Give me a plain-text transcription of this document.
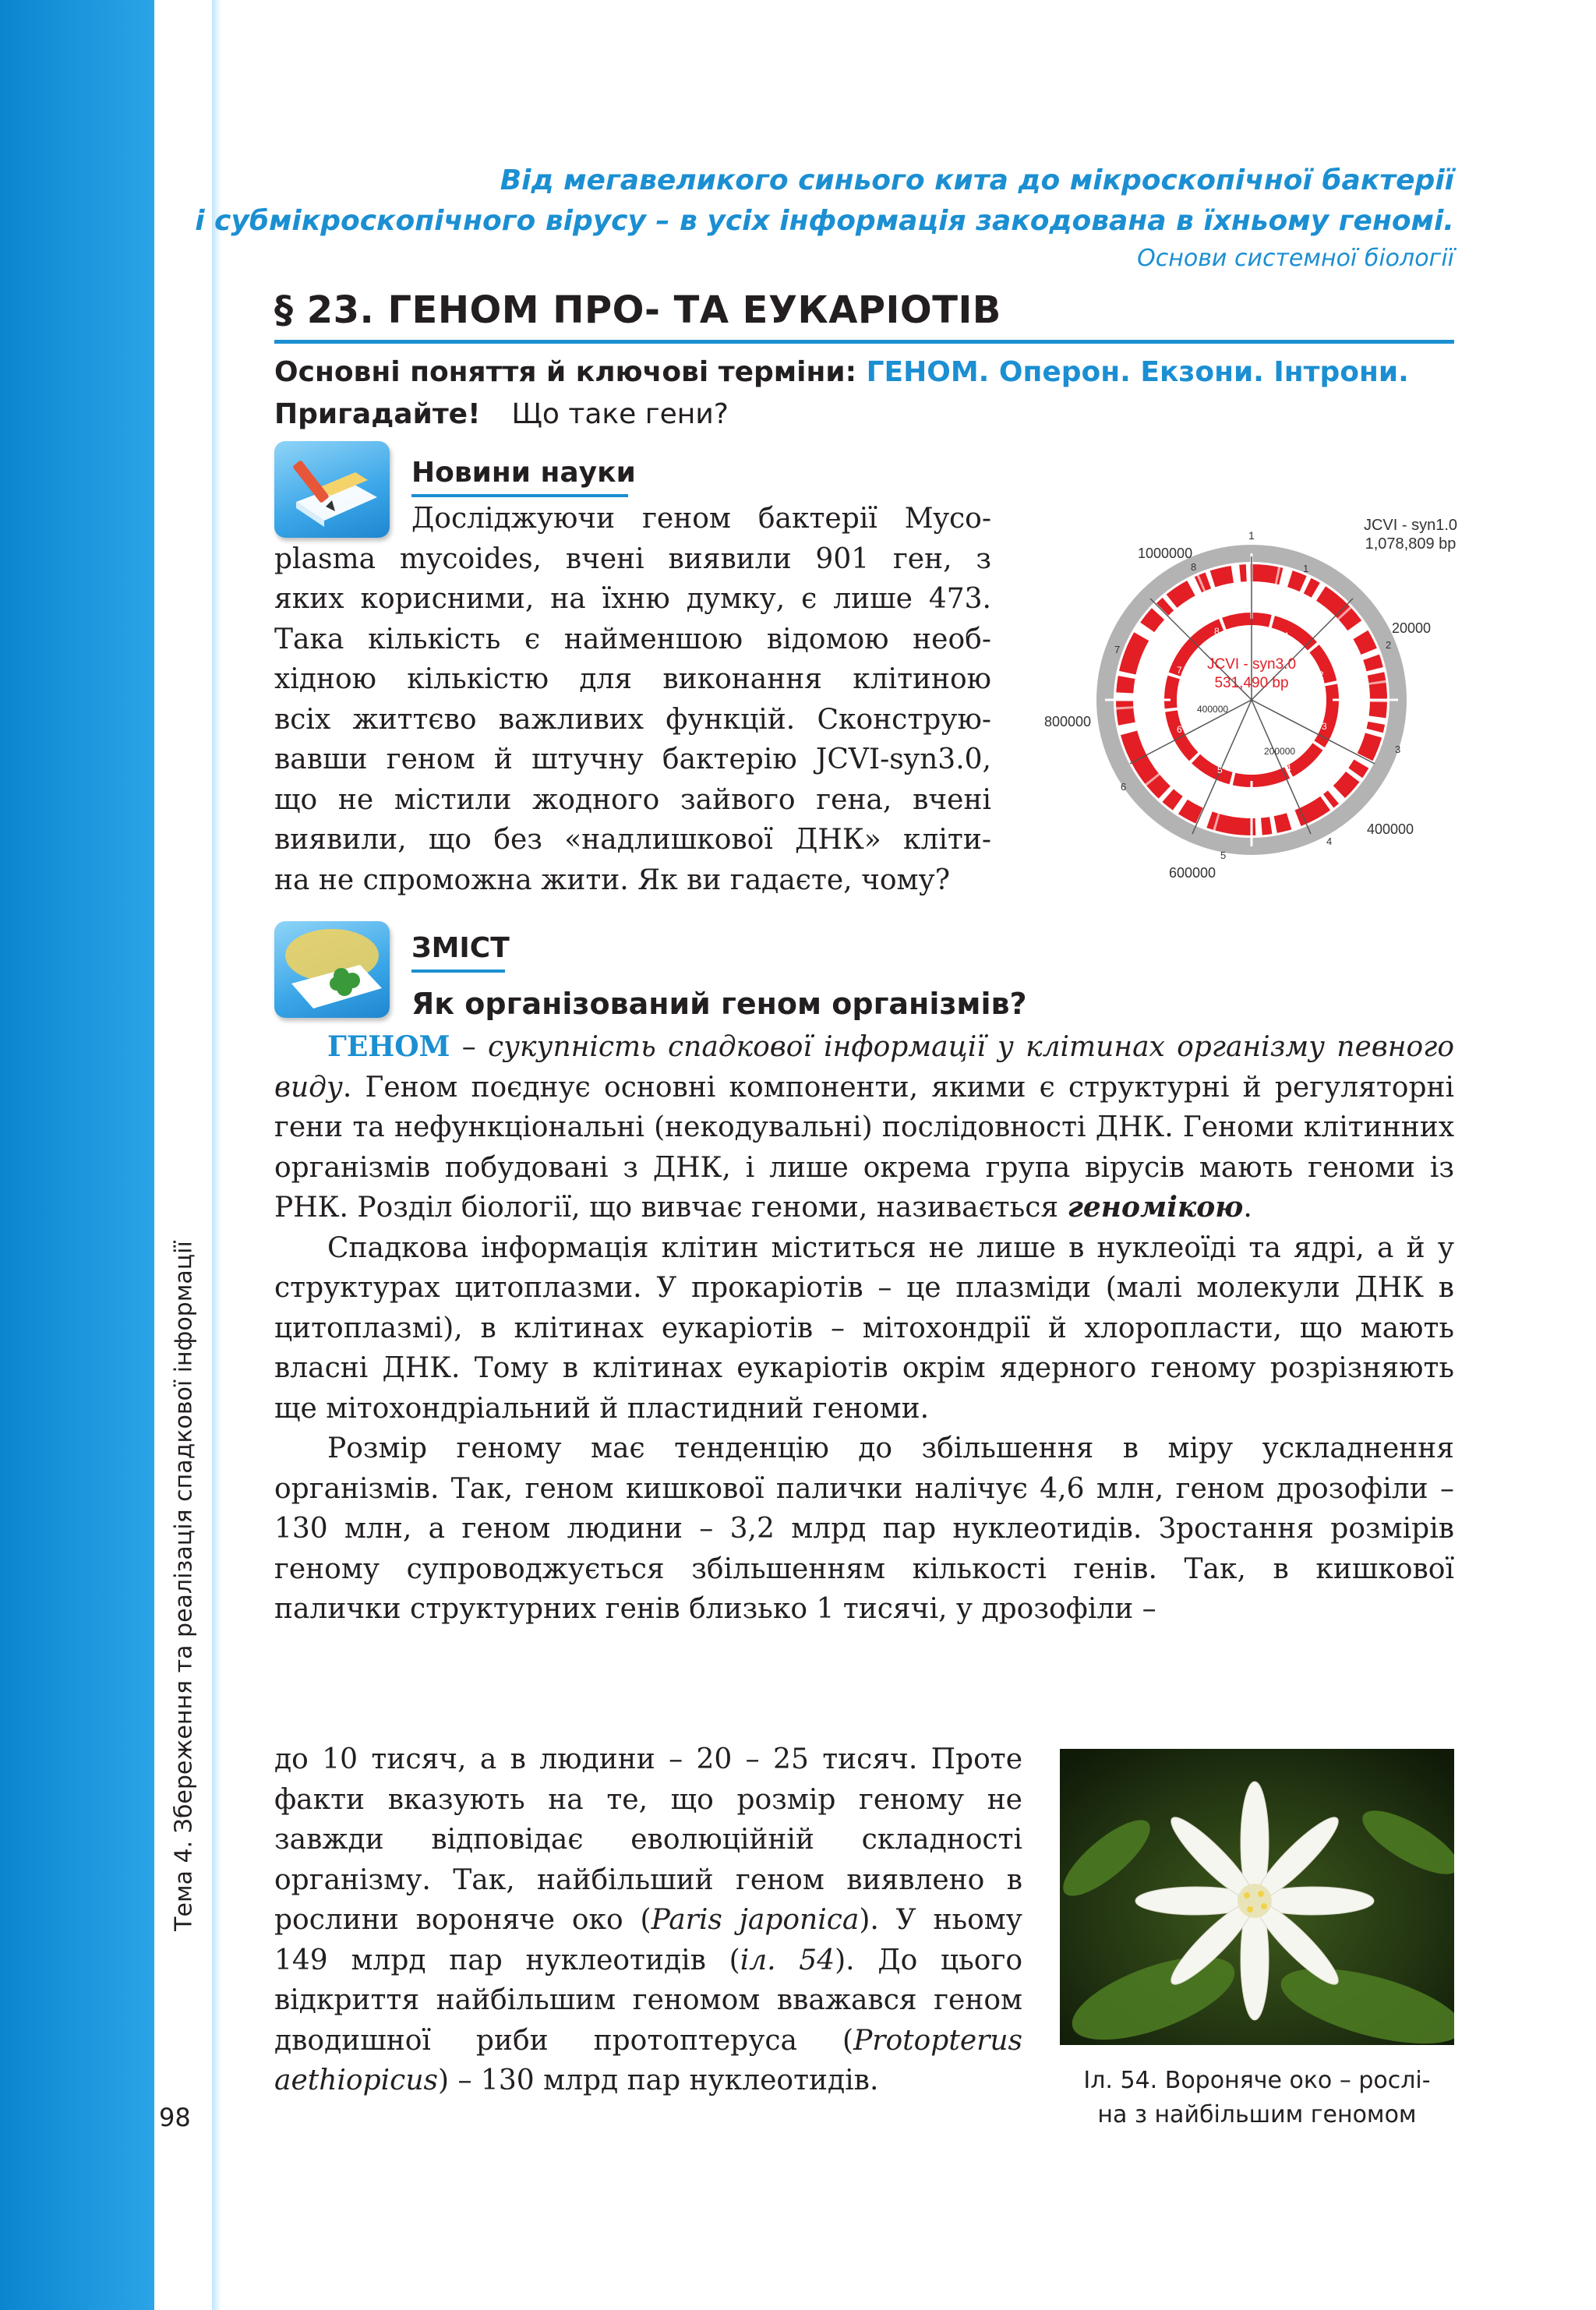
Тема 4. Збереження та реалізація спадкової інформації
98
Від мегавеликого синього кита до мікроскопічної бактерії
і субмікроскопічного вірусу – в усіх інформація закодована в їхньому геномі.
Основи системної біології
§ 23. ГЕНОМ ПРО- ТА ЕУКАРІОТІВ
Основні поняття й ключові терміни: ГЕНОМ. Оперон. Екзони. Інтрони.
Пригадайте! Що таке гени?
Новини науки

Досліджуючи геном бактерії Myco-

plasma mycoides, вчені виявили 901 ген, з

яких корисними, на їхню думку, є лише 473.

Така кількість є найменшою відомою необ-

хідною кількістю для виконання клітиною

всіх життєво важливих функцій. Сконструю-

вавши геном й штучну бактерію JCVI-syn3.0,

що не містили жодного зайвого гена, вчені

виявили, що без «надлишкової ДНК» кліти-

на не спроможна жити. Як ви гадаєте, чому?

JCVI - syn3.0
531,490 bp
400000
200000
JCVI - syn1.0
1,078,809 bp
1
1000000
20000
800000
400000
600000
1
2
3
4
5
6
7
8
1
2
3
4
5
6
7
8
ЗМІСТ
Як організований геном організмів?

ГЕНОМ – сукупність спадкової інформації у клітинах організму певного виду. Геном поєднує основні компоненти, якими є структурні й регуляторні гени та нефункціональні (некодувальні) послідовності ДНК. Геноми клітинних організмів побудовані з ДНК, і лише окрема група вірусів мають геноми із РНК. Розділ біології, що вивчає геноми, називається геномікою.

Спадкова інформація клітин міститься не лише в нуклеоїді та ядрі, а й у структурах цитоплазми. У прокаріотів – це плазміди (малі молекули ДНК в цитоплазмі), в клітинах еукаріотів – мітохондрії й хлоропласти, що мають власні ДНК. Тому в клітинах еукаріотів окрім ядерного геному розрізняють ще мітохондріальний й пластидний геноми.

Розмір геному має тенденцію до збільшення в міру ускладнення організмів. Так, геном кишкової палички налічує 4,6 млн, геном дрозофіли – 130 млн, а геном людини – 3,2 млрд пар нуклеотидів. Зростання розмірів геному супроводжується збільшенням кількості генів. Так, в кишкової палички структурних генів близько 1 тисячі, у дрозофіли –

до 10 тисяч, а в людини – 20 – 25 тисяч. Проте факти вказують на те, що розмір геному не завжди відповідає еволюційній складності організму. Так, найбільший геном виявлено в рослини вороняче око (Paris japonica). У ньому 149 млрд пар нуклеотидів (іл. 54). До цього відкриття найбільшим геномом вважався геном дводишної риби протоптеруса (Protopterus aethiopicus) – 130 млрд пар нуклеотидів.	Іл. 54. Вороняче око – рослі-
на з найбільшим геномом
